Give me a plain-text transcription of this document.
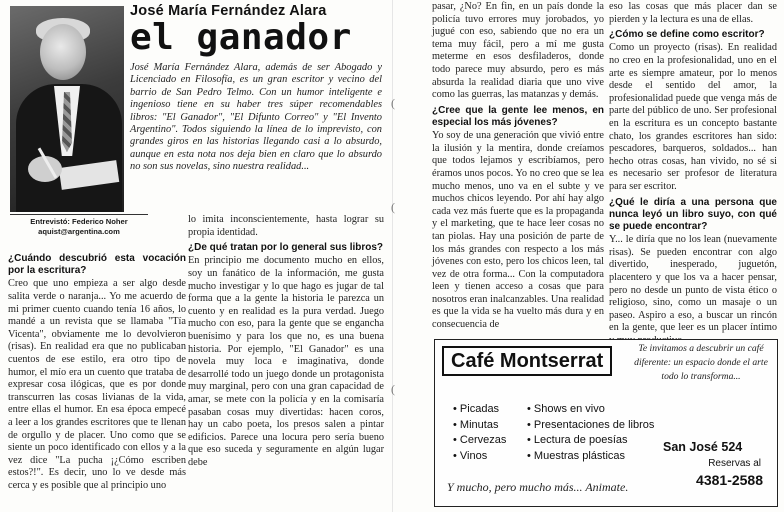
José María Fernández Alara
el ganador
José María Fernández Alara, además de ser Abogado y Licenciado en Filosofía, es un gran escritor y vecino del barrio de San Pedro Telmo. Con un humor inteligente e ingenioso tiene en su haber tres súper recomendables libros: "El Ganador", "El Difunto Correo" y "El Invento Argentino". Todos siguiendo la línea de lo imprevisto, con grandes giros en las historias llegando casi a lo absurdo, aunque en esta nota nos deja bien en claro que lo absurdo no son sus novelas, sino nuestra realidad...
Entrevistó: Federico Noher
aquist@argentina.com

¿Cuándo descubrió esta vocación por la escritura?

Creo que uno empieza a ser algo desde salita verde o naranja... Yo me acuerdo de mi primer cuento cuando tenía 16 años, lo mandé a un revista que se llamaba "Tía Vicenta", obviamente me lo devolvieron (risas). En realidad era que no publicaban cuentos de ese estilo, era otro tipo de humor, el mío era un cuento que trataba de expresar cosa ilógicas, que es por donde transcurren las cosas livianas de la vida, entre ellas el humor. En esa época empecé a leer a los grandes escritores que te llenan de orgullo y de placer. Uno como que se siente un poco identificado con ellos y a la vez dice "La pucha ¡¿Cómo escriben estos?!". Es decir, uno lo ve desde más cerca y es posible que al principio uno

lo imita inconscientemente, hasta lograr su propia identidad.

¿De qué tratan por lo general sus libros?

En principio me documento mucho en ellos, soy un fanático de la información, me gusta mucho investigar y lo que hago es jugar de tal forma que a la gente la historia le parezca un cuento y en realidad es la pura verdad. Juego mucho con eso, para la gente que se engancha buenísimo y para los que no, es una buena historia. Por ejemplo, "El Ganador" es una novela muy loca e imaginativa, donde desarrollé todo un juego donde un protagonista muy marginal, pero con una gran capacidad de amar, se mete con la policía y en la comisaría pasaban cosas muy divertidas: hacen coros, hay un cabo poeta, los presos salen a pintar edificios. Parece una locura pero sería bueno que eso suceda y seguramente en algún lugar debe

(
(
(

pasar, ¿No? En fin, en un país donde la policía tuvo errores muy jorobados, yo jugué con eso, sabiendo que no era un tema muy fácil, pero a mí me gusta meterme en esos desfiladeros, donde todo parece muy absurdo, pero es más absurda la realidad diaria que uno vive como las guerras, las matanzas y demás.

¿Cree que la gente lee menos, en especial los más jóvenes?

Yo soy de una generación que vivió entre la ilusión y la mentira, donde creíamos que todos lejamos y escribíamos, pero éramos unos pocos. Yo no creo que se lea mucho menos, uno va en el subte y ve muchos chicos leyendo. Por ahí hay algo cada vez más fuerte que es la propaganda y el marketing, que te hace leer cosas no tan piolas. Hay una posición de parte de los más grandes con respecto a los más jóvenes con esto, pero los chicos leen, tal vez de otra forma... Con la computadora leen y tienen acceso a cosas que para nosotros eran inalcanzables. Una realidad es que la vida se ha vuelto más dura y en consecuencia de

eso las cosas que más placer dan se pierden y la lectura es una de ellas.

¿Cómo se define como escritor?

Como un proyecto (risas). En realidad no creo en la profesionalidad, uno en el arte es siempre amateur, por lo menos desde el sentido del amor, la profesionalidad puede que venga más de parte del público de uno. Ser profesional en la escritura es un concepto bastante chato, los grandes escritores han sido: pescadores, barqueros, soldados... han hecho otras cosas, han vivido, no sé si es necesario ser profesor de literatura para ser escritor.

¿Qué le diría a una persona que nunca leyó un libro suyo, con qué se puede encontrar?

Y... le diría que no los lean (nuevamente risas). Se pueden encontrar con algo divertido, inesperado, juguetón, placentero y que los va a hacer pensar, pero no desde un punto de vista ético o religioso, sino, como un masaje o un paseo. Aspiro a eso, a buscar un rincón en la gente, que leer es un placer íntimo

Café Montserrat
Te invitamos a descubrir un café diferente: un espacio donde el arte todo lo transforma...
• Picadas
• Minutas
• Cervezas
• Vinos
• Shows en vivo
• Presentaciones de libros
• Lectura de poesías
• Muestras plásticas
San José 524
Reservas al
4381-2588
Y mucho, pero mucho más... Animate.
